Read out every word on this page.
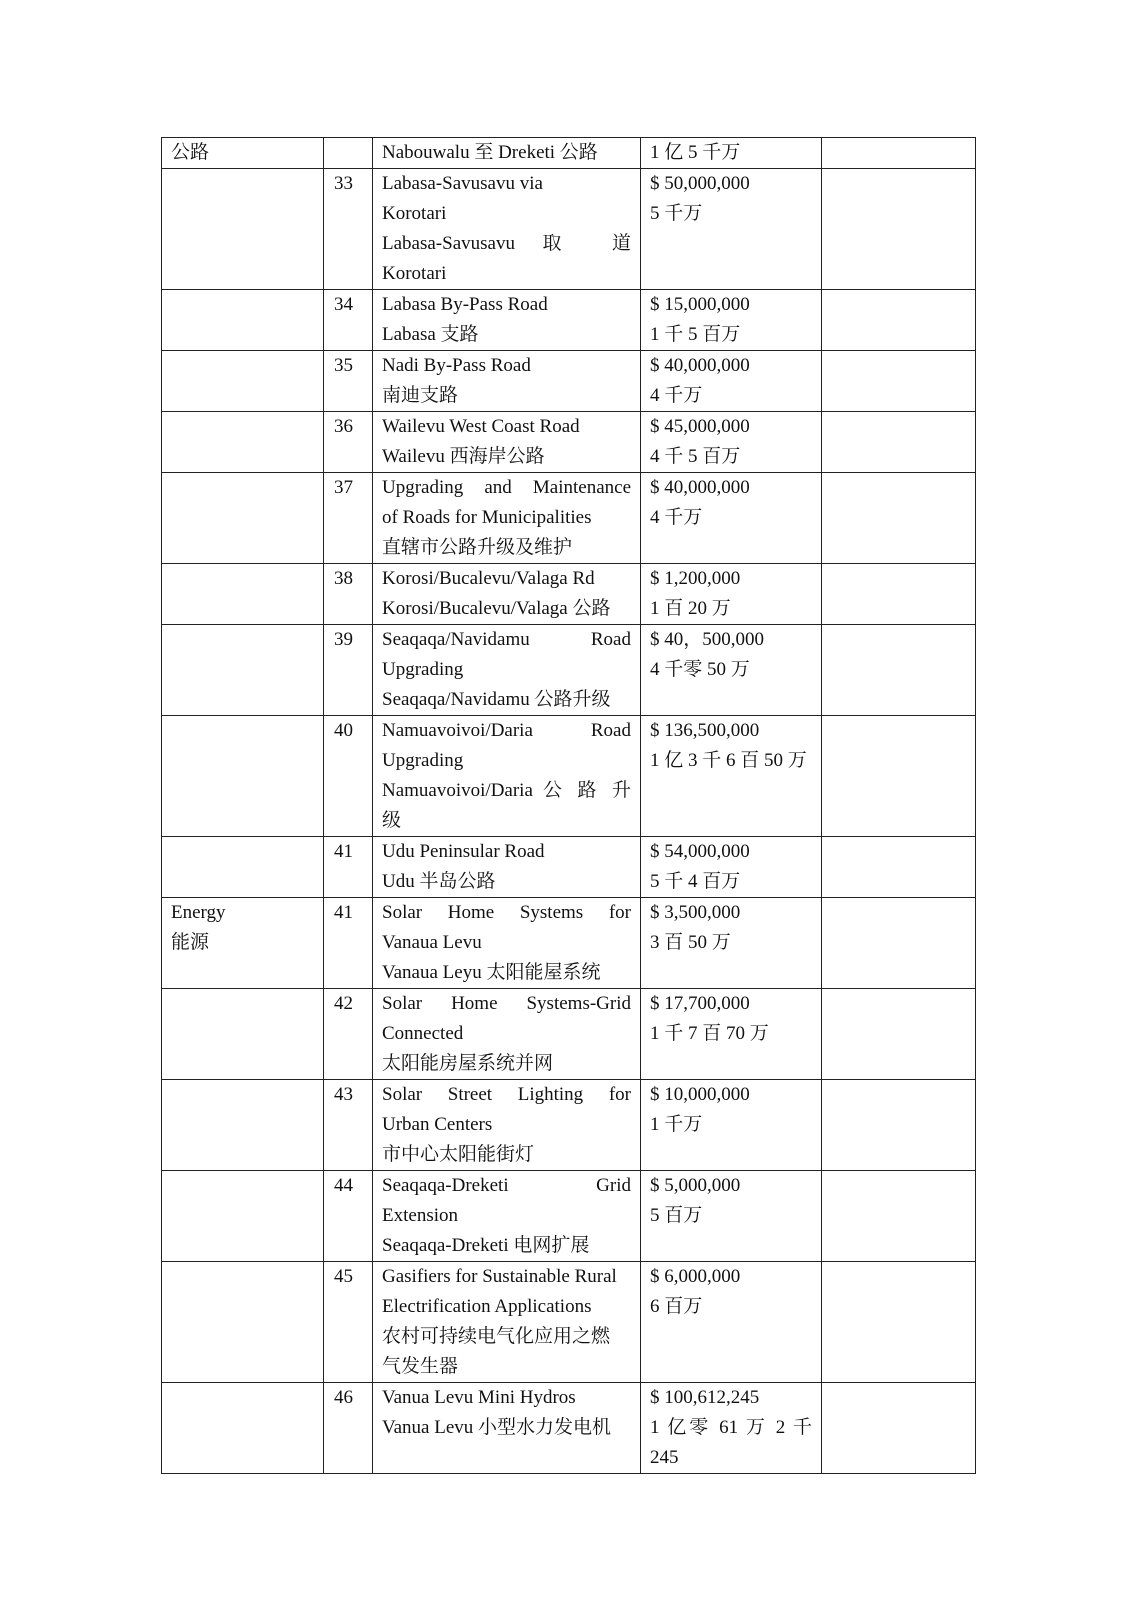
公路		Nabouwalu 至 Dreketi 公路	1 亿 5 千万	

	33	Labasa-Savusavu via
Korotari
Labasa-Savusavu 取 道
Korotari	$ 50,000,000
5 千万	

	34	Labasa By-Pass Road
Labasa 支路	$ 15,000,000
1 千 5 百万	

	35	Nadi By-Pass Road
南迪支路	$ 40,000,000
4 千万	

	36	Wailevu West Coast Road
Wailevu 西海岸公路	$ 45,000,000
4 千 5 百万	

	37	Upgrading and Maintenance
of Roads for Municipalities
直辖市公路升级及维护	$ 40,000,000
4 千万	

	38	Korosi/Bucalevu/Valaga Rd
Korosi/Bucalevu/Valaga 公路	$ 1,200,000
1 百 20 万	

	39	Seaqaqa/Navidamu Road
Upgrading
Seaqaqa/Navidamu 公路升级	$ 40，500,000
4 千零 50 万	

	40	Namuavoivoi/Daria Road
Upgrading
Namuavoivoi/Daria 公 路 升
级	$ 136,500,000
1 亿 3 千 6 百 50 万	

	41	Udu Peninsular Road
Udu 半岛公路	$ 54,000,000
5 千 4 百万	

Energy
能源	41	Solar Home Systems for
Vanaua Levu
Vanaua Leyu 太阳能屋系统	$ 3,500,000
3 百 50 万	

	42	Solar Home Systems-Grid
Connected
太阳能房屋系统并网	$ 17,700,000
1 千 7 百 70 万	

	43	Solar Street Lighting for
Urban Centers
市中心太阳能街灯	$ 10,000,000
1 千万	

	44	Seaqaqa-Dreketi Grid
Extension
Seaqaqa-Dreketi 电网扩展	$ 5,000,000
5 百万	

	45	Gasifiers for Sustainable Rural
Electrification Applications
农村可持续电气化应用之燃
气发生器	$ 6,000,000
6 百万	

	46	Vanua Levu Mini Hydros
Vanua Levu 小型水力发电机	$ 100,612,245
1 亿零 61 万 2 千
245	
